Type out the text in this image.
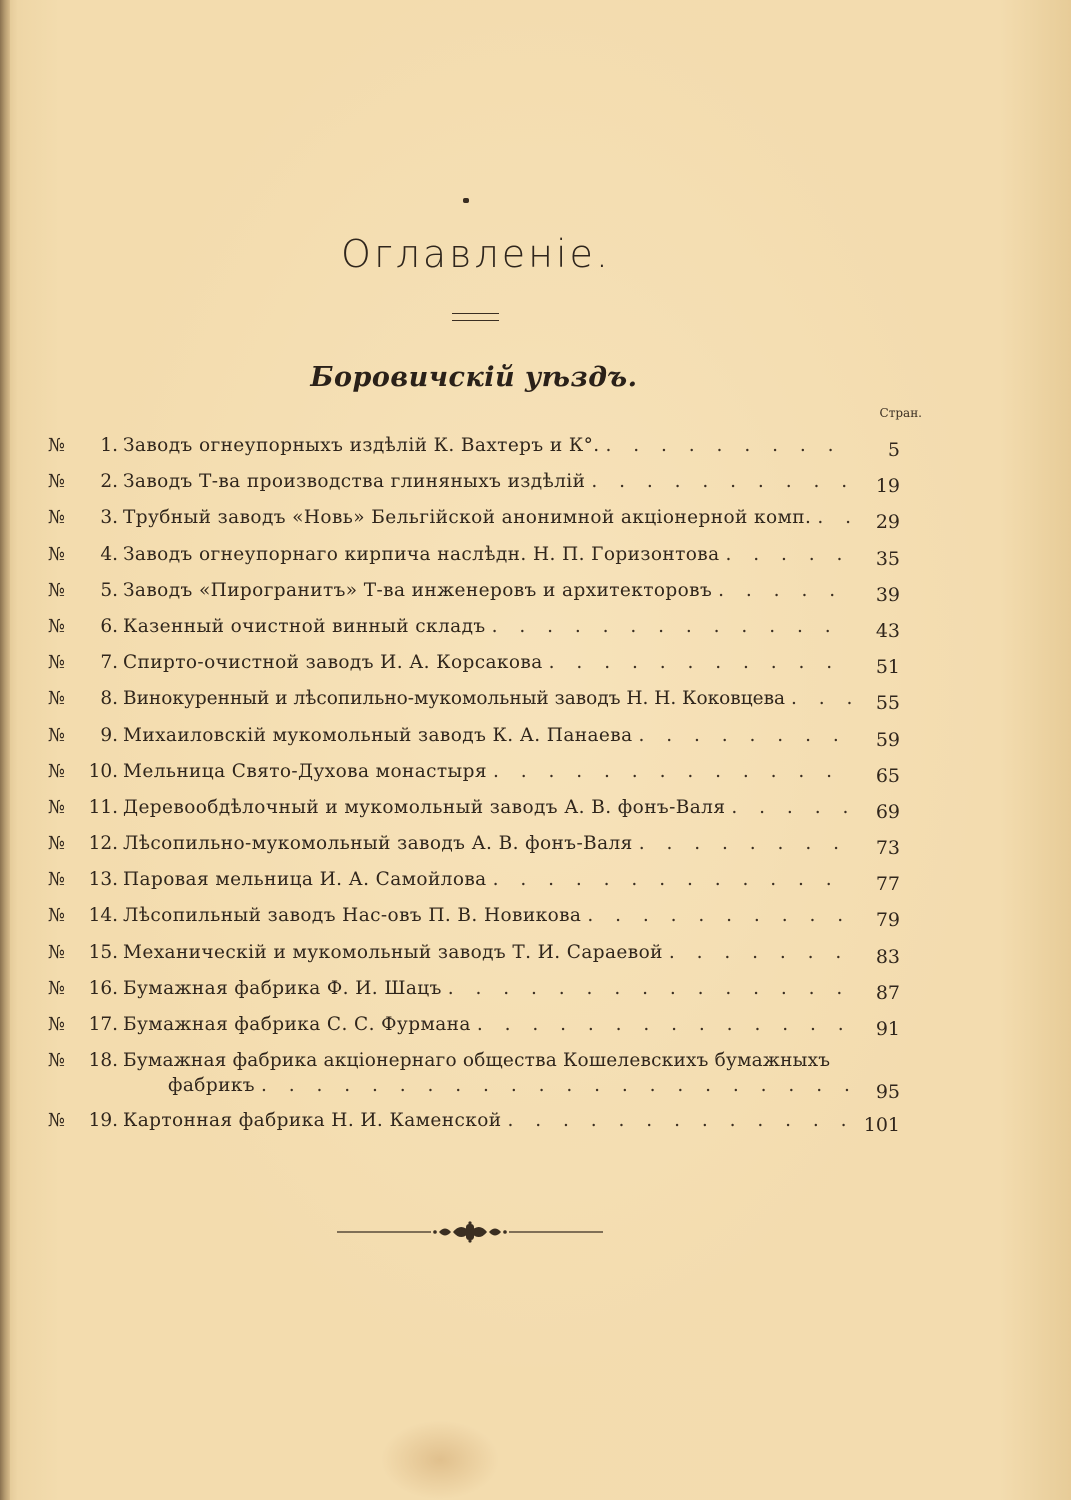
Оглавленіе.
Боровичскій уѣздъ.
Стран.
№	1. Заводъ огнеупорныхъ издѣлій К. Вахтеръ и К°. . . .	5
№	2. Заводъ Т-ва производства глиняныхъ издѣлій . . .	19
№	3. Трубный заводъ «Новь» Бельгійской анонимной акціонерной комп. . . .	29
№	4. Заводъ огнеупорнаго кирпича наслѣдн. Н. П. Горизонтова . . .	35
№	5. Заводъ «Пирогранитъ» Т-ва инженеровъ и архитекторовъ . . .	39
№	6. Казенный очистной винный складъ . . .	43
№	7. Спирто-очистной заводъ И. А. Корсакова . . .	51
№	8. Винокуренный и лѣсопильно-мукомольный заводъ Н. Н. Коковцева . . .	55
№	9. Михаиловскій мукомольный заводъ К. А. Панаева . . .	59
№	10. Мельница Свято-Духова монастыря . . .	65
№	11. Деревообдѣлочный и мукомольный заводъ А. В. фонъ-Валя . . .	69
№	12. Лѣсопильно-мукомольный заводъ А. В. фонъ-Валя . . .	73
№	13. Паровая мельница И. А. Самойлова . . .	77
№	14. Лѣсопильный заводъ Нас-овъ П. В. Новикова . . .	79
№	15. Механическій и мукомольный заводъ Т. И. Сараевой . . .	83
№	16. Бумажная фабрика Ф. И. Шацъ . . .	87
№	17. Бумажная фабрика С. С. Фурмана . . .	91
№	18. Бумажная фабрика акціонернаго общества Кошелевскихъ бумажныхъ
фабрикъ . . .	95
№	19. Картонная фабрика Н. И. Каменской . . .	101
